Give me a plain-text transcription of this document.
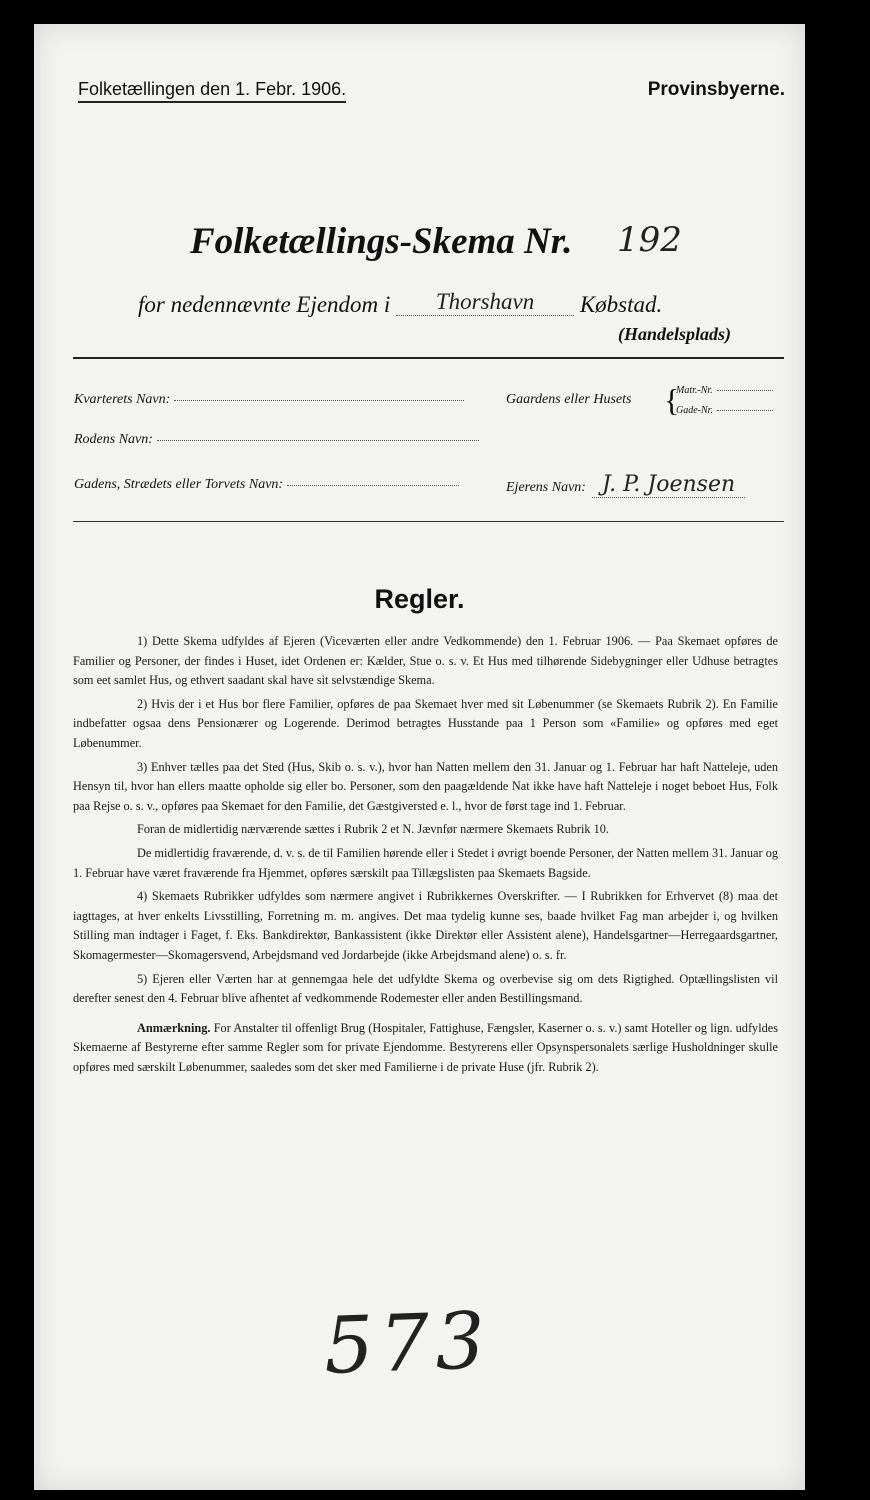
Folketællingen den 1. Febr. 1906.	Provinsbyerne.
Folketællings-Skema Nr. 192
for nedennævnte Ejendom i Thorshavn Købstad.
(Handelsplads)
Kvarterets Navn:	Gaardens eller Husets {
Matr.-Nr.
Gade-Nr.
Rodens Navn:
Gadens, Strædets eller Torvets Navn:	Ejerens Navn: J. P. Joensen
Regler.

1) Dette Skema udfyldes af Ejeren (Viceværten eller andre Vedkommende) den 1. Februar 1906. — Paa Skemaet opføres de Familier og Personer, der findes i Huset, idet Ordenen er: Kælder, Stue o. s. v. Et Hus med tilhørende Sidebygninger eller Udhuse betragtes som eet samlet Hus, og ethvert saadant skal have sit selvstændige Skema.

2) Hvis der i et Hus bor flere Familier, opføres de paa Skemaet hver med sit Løbenummer (se Skemaets Rubrik 2). En Familie indbefatter ogsaa dens Pensionærer og Logerende. Derimod betragtes Husstande paa 1 Person som «Familie» og opføres med eget Løbenummer.

3) Enhver tælles paa det Sted (Hus, Skib o. s. v.), hvor han Natten mellem den 31. Januar og 1. Februar har haft Natteleje, uden Hensyn til, hvor han ellers maatte opholde sig eller bo. Personer, som den paagældende Nat ikke have haft Natteleje i noget beboet Hus, Folk paa Rejse o. s. v., opføres paa Skemaet for den Familie, det Gæstgiversted e. l., hvor de først tage ind 1. Februar.

Foran de midlertidig nærværende sættes i Rubrik 2 et N. Jævnfør nærmere Skemaets Rubrik 10.

De midlertidig fraværende, d. v. s. de til Familien hørende eller i Stedet i øvrigt boende Personer, der Natten mellem 31. Januar og 1. Februar have været fraværende fra Hjemmet, opføres særskilt paa Tillægslisten paa Skemaets Bagside.

4) Skemaets Rubrikker udfyldes som nærmere angivet i Rubrikkernes Overskrifter. — I Rubrikken for Erhvervet (8) maa det iagttages, at hver enkelts Livsstilling, Forretning m. m. angives. Det maa tydelig kunne ses, baade hvilket Fag man arbejder i, og hvilken Stilling man indtager i Faget, f. Eks. Bankdirektør, Bankassistent (ikke Direktør eller Assistent alene), Handelsgartner—Herregaardsgartner, Skomagermester—Skomagersvend, Arbejdsmand ved Jordarbejde (ikke Arbejdsmand alene) o. s. fr.

5) Ejeren eller Værten har at gennemgaa hele det udfyldte Skema og overbevise sig om dets Rigtighed. Optællingslisten vil derefter senest den 4. Februar blive afhentet af vedkommende Rodemester eller anden Bestillingsmand.

Anmærkning. For Anstalter til offenligt Brug (Hospitaler, Fattighuse, Fængsler, Kaserner o. s. v.) samt Hoteller og lign. udfyldes Skemaerne af Bestyrerne efter samme Regler som for private Ejendomme. Bestyrerens eller Opsynspersonalets særlige Husholdninger skulle opføres med særskilt Løbenummer, saaledes som det sker med Familierne i de private Huse (jfr. Rubrik 2).

573
